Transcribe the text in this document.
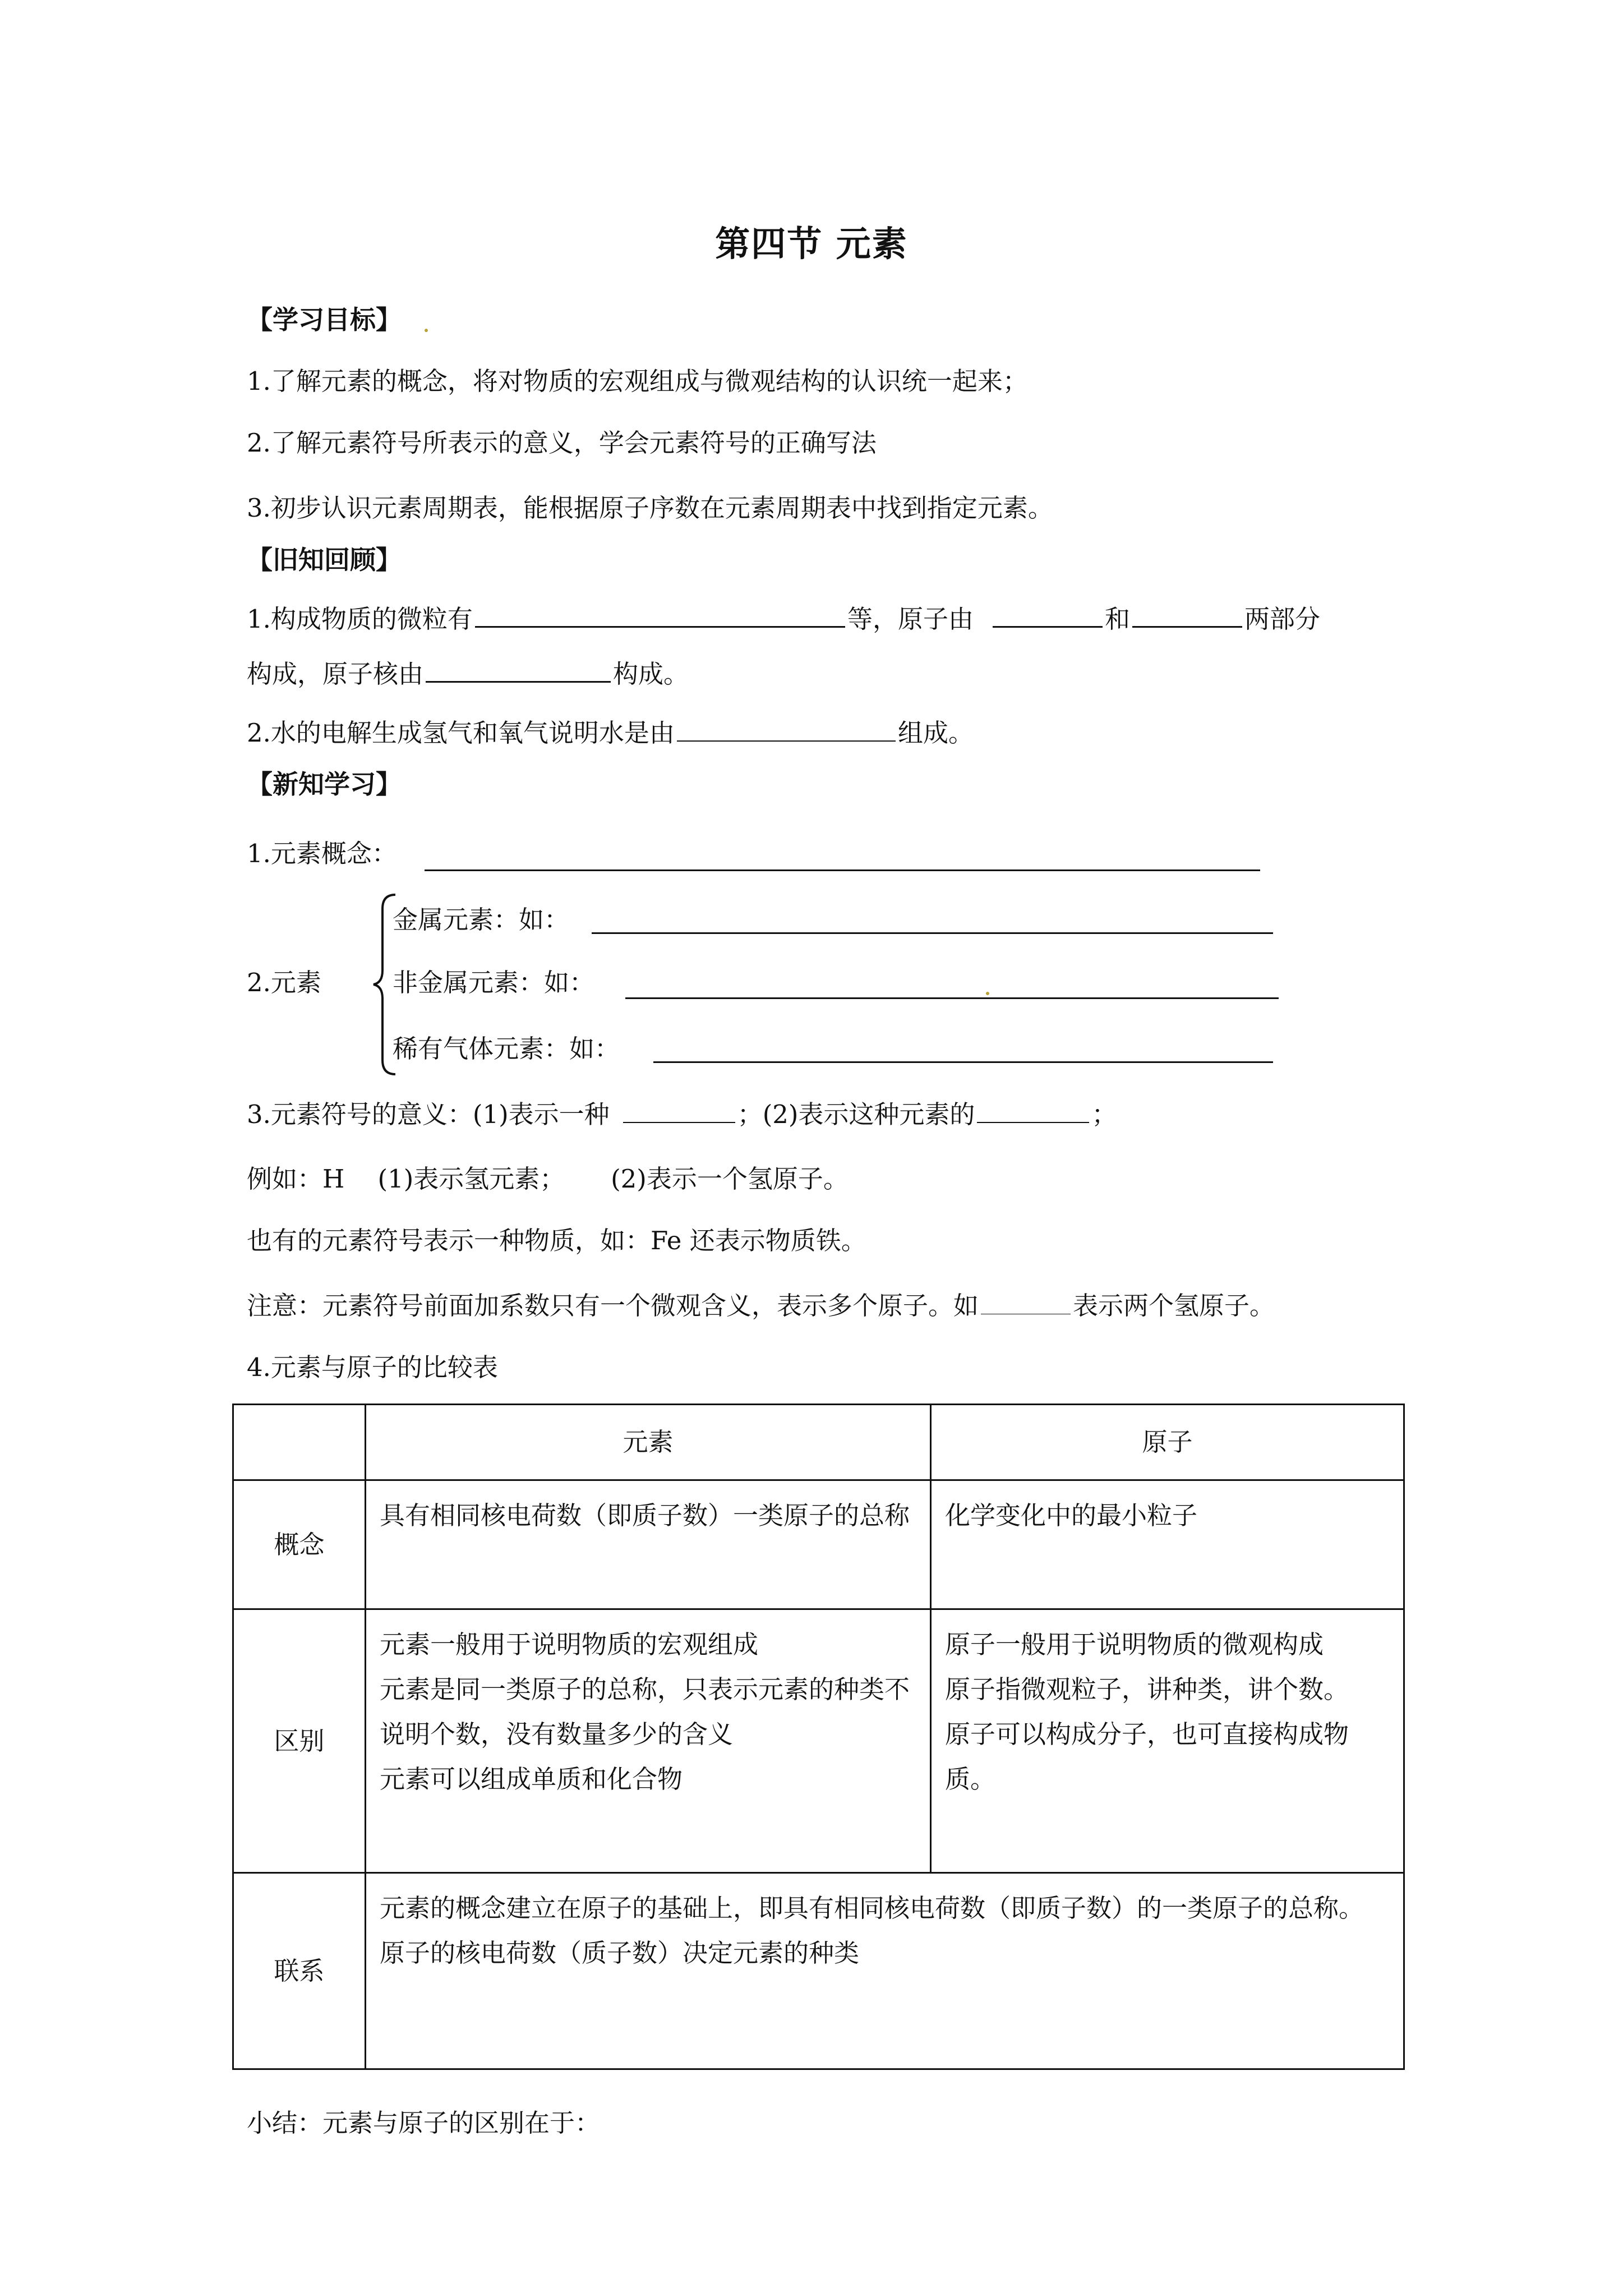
第四节 元素
【学习目标】
1.了解元素的概念，将对物质的宏观组成与微观结构的认识统一起来；
2.了解元素符号所表示的意义，学会元素符号的正确写法
3.初步认识元素周期表，能根据原子序数在元素周期表中找到指定元素。
【旧知回顾】
1.构成物质的微粒有	等，原子由	和	两部分
构成，原子核由	构成。
2.水的电解生成氢气和氧气说明水是由	组成。
【新知学习】
1.元素概念：
2.元素
金属元素：如：
非金属元素：如：
稀有气体元素：如：
3.元素符号的意义：(1)表示一种	；(2)表示这种元素的	；
例如：H　 (1)表示氢元素；　　 (2)表示一个氢原子。
也有的元素符号表示一种物质，如：Fe 还表示物质铁。
注意：元素符号前面加系数只有一个微观含义，表示多个原子。如	表示两个氢原子。
4.元素与原子的比较表
	元素	原子
概念	具有相同核电荷数（即质子数）一类原子的总称	化学变化中的最小粒子

区别	元素一般用于说明物质的宏观组成
元素是同一类原子的总称，只表示元素的种类不说明个数，没有数量多少的含义
元素可以组成单质和化合物	原子一般用于说明物质的微观构成
原子指微观粒子，讲种类，讲个数。
原子可以构成分子，也可直接构成物质。

联系	元素的概念建立在原子的基础上，即具有相同核电荷数（即质子数）的一类原子的总称。
原子的核电荷数（质子数）决定元素的种类	
小结：元素与原子的区别在于：
